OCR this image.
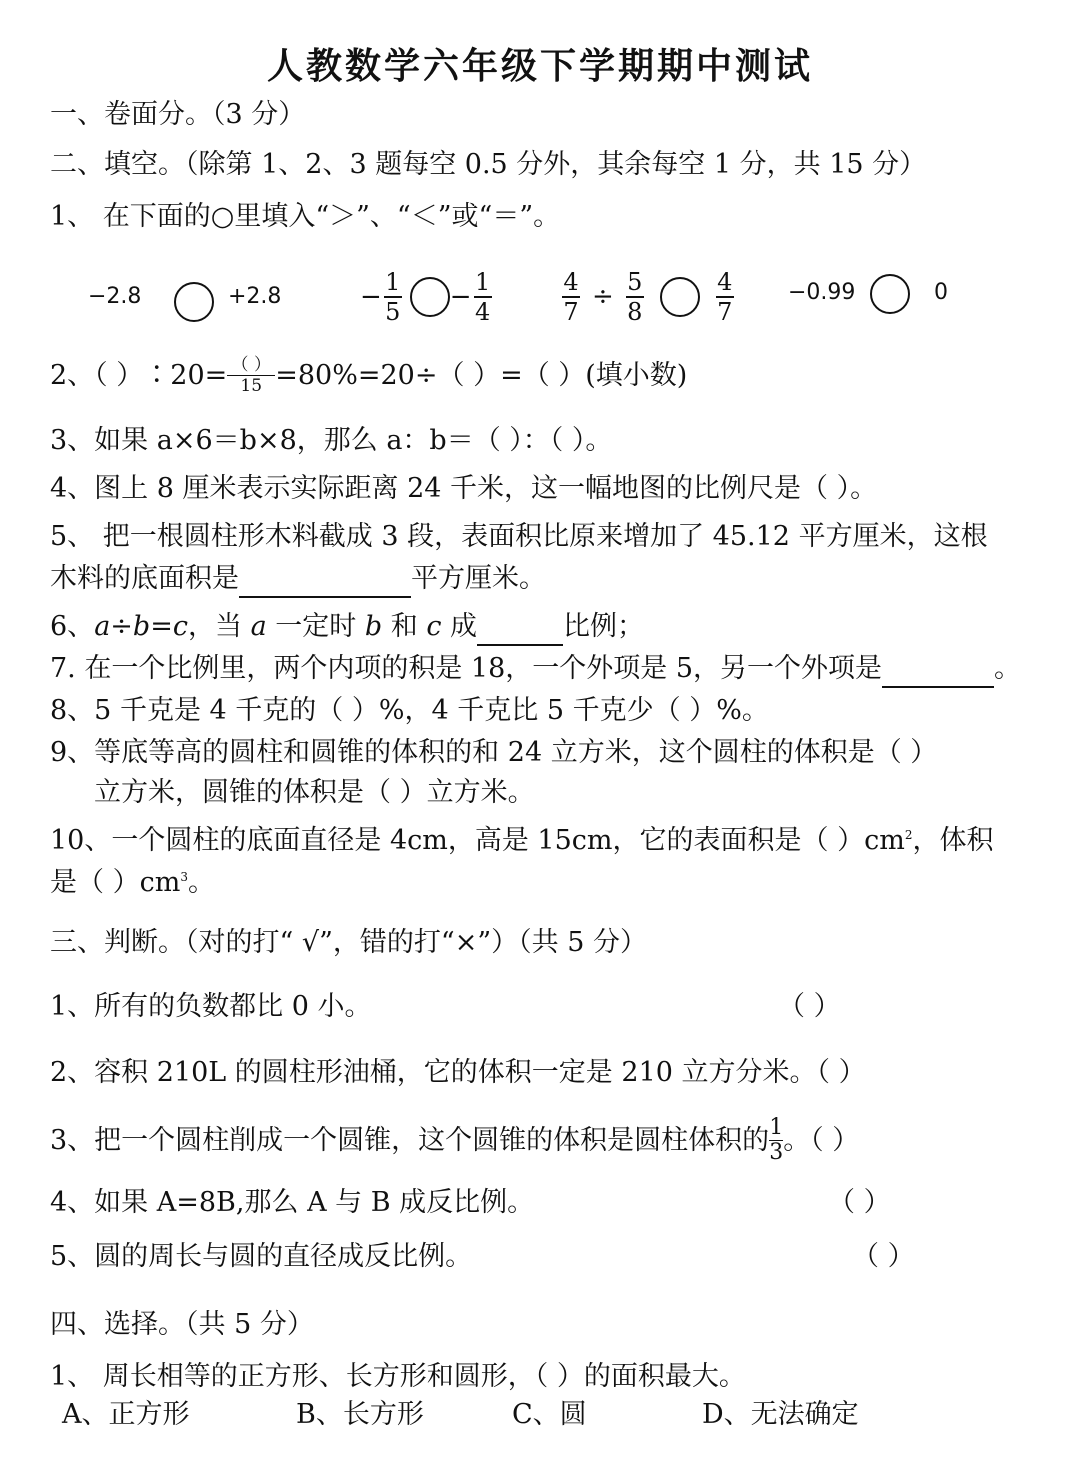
人教数学六年级下学期期中测试
一、卷面分。（3 分）
二、填空。（除第 1、2、3 题每空 0.5 分外，其余每空 1 分，共 15 分）
1、 在下面的○里填入“＞”、“＜”或“＝”。
−2.8	+2.8	− $\frac{1}{5} - \frac{1}{4}$	$\frac{4}{7} \div \frac{5}{8}$	$\frac{4}{7} -0.99$	0
2、（ ）∶20= （ ）
15 =80%=20÷（ ）=（ ）(填小数)
3、如果 a×6＝b×8，那么 a：b＝（ ）：（ ）。
4、图上 8 厘米表示实际距离 24 千米，这一幅地图的比例尺是（ ）。
5、 把一根圆柱形木料截成 3 段，表面积比原来增加了 45.12 平方厘米，这根
木料的底面积是	平方厘米。
6、a÷b=c，当 a 一定时 b 和 c 成	比例；
7. 在一个比例里，两个内项的积是 18，一个外项是 5，另一个外项是	。
8、5 千克是 4 千克的（ ）%，4 千克比 5 千克少（ ）%。
9、等底等高的圆柱和圆锥的体积的和 24 立方米，这个圆柱的体积是（ ）
立方米，圆锥的体积是（ ）立方米。
10、一个圆柱的底面直径是 4cm，高是 15cm，它的表面积是（ ）$cm^2$，体积
是（ ）$cm^3$。
三、判断。（对的打“ √”，错的打“×”）（共 5 分）
1、所有的负数都比 0 小。	（ ）
2、容积 210L 的圆柱形油桶，它的体积一定是 210 立方分米。（ ）
3、把一个圆柱削成一个圆锥，这个圆锥的体积是圆柱体积的 1
3 。（ ）
4、如果 A=8B,那么 A 与 B 成反比例。	（ ）
5、圆的周长与圆的直径成反比例。	（ ）
四、选择。（共 5 分）
1、 周长相等的正方形、长方形和圆形，（ ）的面积最大。
A、正方形	B、长方形	C、圆	D、无法确定
